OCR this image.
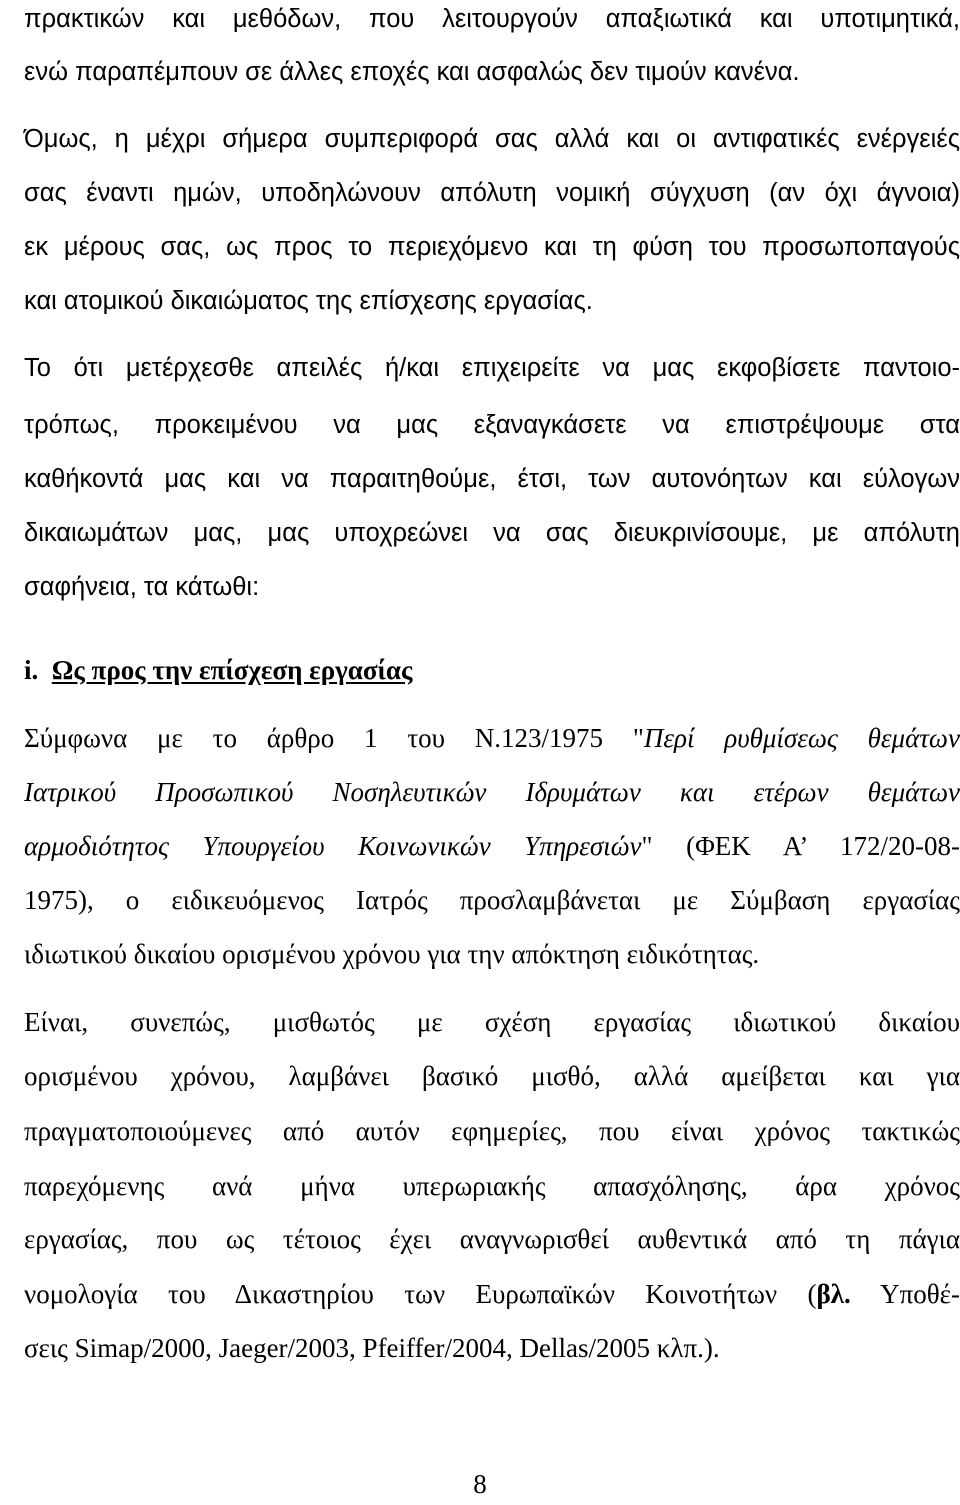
πρακτικών και μεθόδων, που λειτουργούν απαξιωτικά και υποτιμητικά,
ενώ παραπέμπουν σε άλλες εποχές και ασφαλώς δεν τιμούν κανένα.
Όμως, η μέχρι σήμερα συμπεριφορά σας αλλά και οι αντιφατικές ενέργειές
σας έναντι ημών, υποδηλώνουν απόλυτη νομική σύγχυση (αν όχι άγνοια)
εκ μέρους σας, ως προς το περιεχόμενο και τη φύση του προσωποπαγούς
και ατομικού δικαιώματος της επίσχεσης εργασίας.
Το ότι μετέρχεσθε απειλές ή/και επιχειρείτε να μας εκφοβίσετε παντοιο-
τρόπως, προκειμένου να μας εξαναγκάσετε να επιστρέψουμε στα
καθήκοντά μας και να παραιτηθούμε, έτσι, των αυτονόητων και εύλογων
δικαιωμάτων μας, μας υποχρεώνει να σας διευκρινίσουμε, με απόλυτη
σαφήνεια, τα κάτωθι:
i. Ως προς την επίσχεση εργασίας
Σύμφωνα με το άρθρο 1 του Ν.123/1975 "Περί ρυθμίσεως θεμάτων
Ιατρικού Προσωπικού Νοσηλευτικών Ιδρυμάτων και ετέρων θεμάτων
αρμοδιότητος Υπουργείου Κοινωνικών Υπηρεσιών" (ΦΕΚ Α’ 172/20-08-
1975), ο ειδικευόμενος Ιατρός προσλαμβάνεται με Σύμβαση εργασίας
ιδιωτικού δικαίου ορισμένου χρόνου για την απόκτηση ειδικότητας.
Είναι, συνεπώς, μισθωτός με σχέση εργασίας ιδιωτικού δικαίου
ορισμένου χρόνου, λαμβάνει βασικό μισθό, αλλά αμείβεται και για
πραγματοποιούμενες από αυτόν εφημερίες, που είναι χρόνος τακτικώς
παρεχόμενης ανά μήνα υπερωριακής απασχόλησης, άρα χρόνος
εργασίας, που ως τέτοιος έχει αναγνωρισθεί αυθεντικά από τη πάγια
νομολογία του Δικαστηρίου των Ευρωπαϊκών Κοινοτήτων (βλ. Υποθέ-
σεις Simap/2000, Jaeger/2003, Pfeiffer/2004, Dellas/2005 κλπ.).
8
